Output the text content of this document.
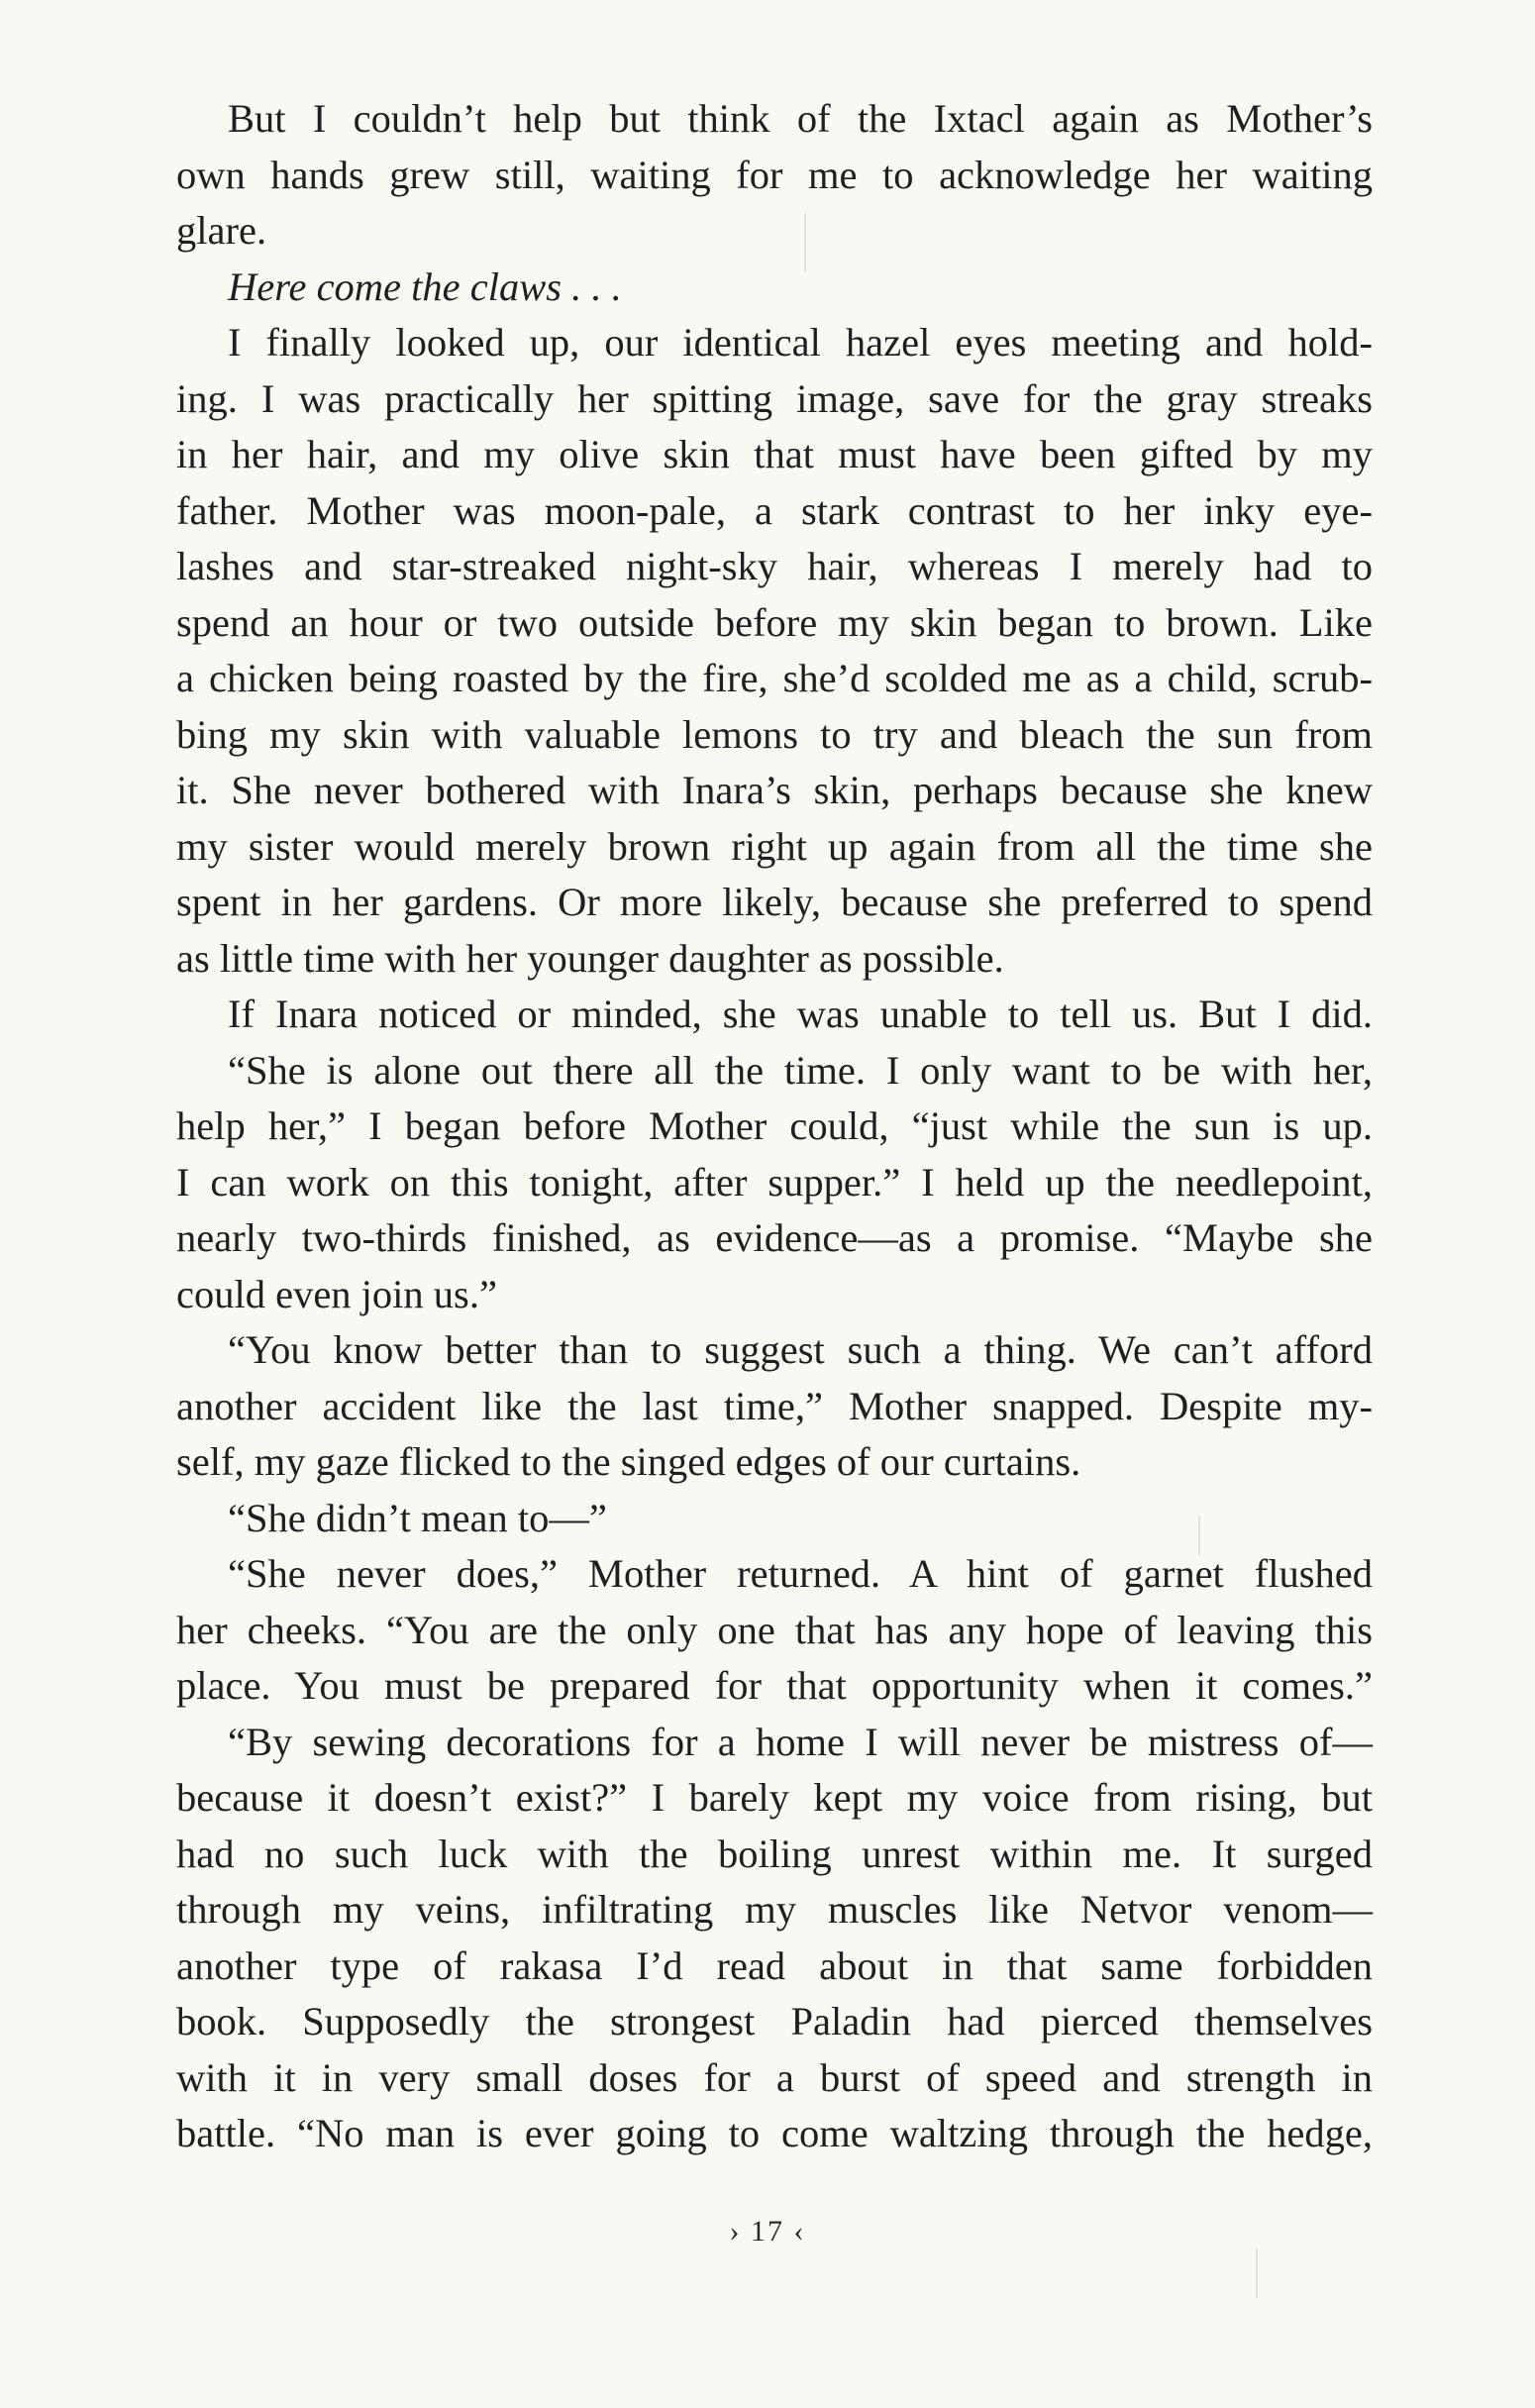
But I couldn’t help but think of the Ixtacl again as Mother’s
own hands grew still, waiting for me to acknowledge her waiting
glare.
Here come the claws . . .
I finally looked up, our identical hazel eyes meeting and hold-
ing. I was practically her spitting image, save for the gray streaks
in her hair, and my olive skin that must have been gifted by my
father. Mother was moon-pale, a stark contrast to her inky eye-
lashes and star-streaked night-sky hair, whereas I merely had to
spend an hour or two outside before my skin began to brown. Like
a chicken being roasted by the fire, she’d scolded me as a child, scrub-
bing my skin with valuable lemons to try and bleach the sun from
it. She never bothered with Inara’s skin, perhaps because she knew
my sister would merely brown right up again from all the time she
spent in her gardens. Or more likely, because she preferred to spend
as little time with her younger daughter as possible.
If Inara noticed or minded, she was unable to tell us. But I did.
“She is alone out there all the time. I only want to be with her,
help her,” I began before Mother could, “just while the sun is up.
I can work on this tonight, after supper.” I held up the needlepoint,
nearly two-thirds finished, as evidence—as a promise. “Maybe she
could even join us.”
“You know better than to suggest such a thing. We can’t afford
another accident like the last time,” Mother snapped. Despite my-
self, my gaze flicked to the singed edges of our curtains.
“She didn’t mean to—”
“She never does,” Mother returned. A hint of garnet flushed
her cheeks. “You are the only one that has any hope of leaving this
place. You must be prepared for that opportunity when it comes.”
“By sewing decorations for a home I will never be mistress of—
because it doesn’t exist?” I barely kept my voice from rising, but
had no such luck with the boiling unrest within me. It surged
through my veins, infiltrating my muscles like Netvor venom—
another type of rakasa I’d read about in that same forbidden
book. Supposedly the strongest Paladin had pierced themselves
with it in very small doses for a burst of speed and strength in
battle. “No man is ever going to come waltzing through the hedge,
› 17 ‹
